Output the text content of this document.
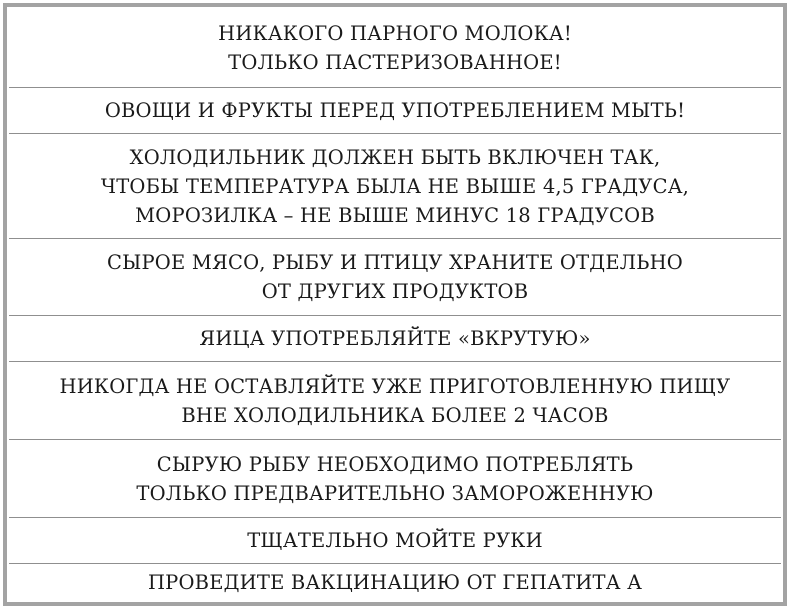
НИКАКОГО ПАРНОГО МОЛОКА!
ТОЛЬКО ПАСТЕРИЗОВАННОЕ!
ОВОЩИ И ФРУКТЫ ПЕРЕД УПОТРЕБЛЕНИЕМ МЫТЬ!
ХОЛОДИЛЬНИК ДОЛЖЕН БЫТЬ ВКЛЮЧЕН ТАК,
ЧТОБЫ ТЕМПЕРАТУРА БЫЛА НЕ ВЫШЕ 4,5 ГРАДУСА,
МОРОЗИЛКА – НЕ ВЫШЕ МИНУС 18 ГРАДУСОВ
СЫРОЕ МЯСО, РЫБУ И ПТИЦУ ХРАНИТЕ ОТДЕЛЬНО
ОТ ДРУГИХ ПРОДУКТОВ
ЯИЦА УПОТРЕБЛЯЙТЕ «ВКРУТУЮ»
НИКОГДА НЕ ОСТАВЛЯЙТЕ УЖЕ ПРИГОТОВЛЕННУЮ ПИЩУ
ВНЕ ХОЛОДИЛЬНИКА БОЛЕЕ 2 ЧАСОВ
СЫРУЮ РЫБУ НЕОБХОДИМО ПОТРЕБЛЯТЬ
ТОЛЬКО ПРЕДВАРИТЕЛЬНО ЗАМОРОЖЕННУЮ
ТЩАТЕЛЬНО МОЙТЕ РУКИ
ПРОВЕДИТЕ ВАКЦИНАЦИЮ ОТ ГЕПАТИТА А
